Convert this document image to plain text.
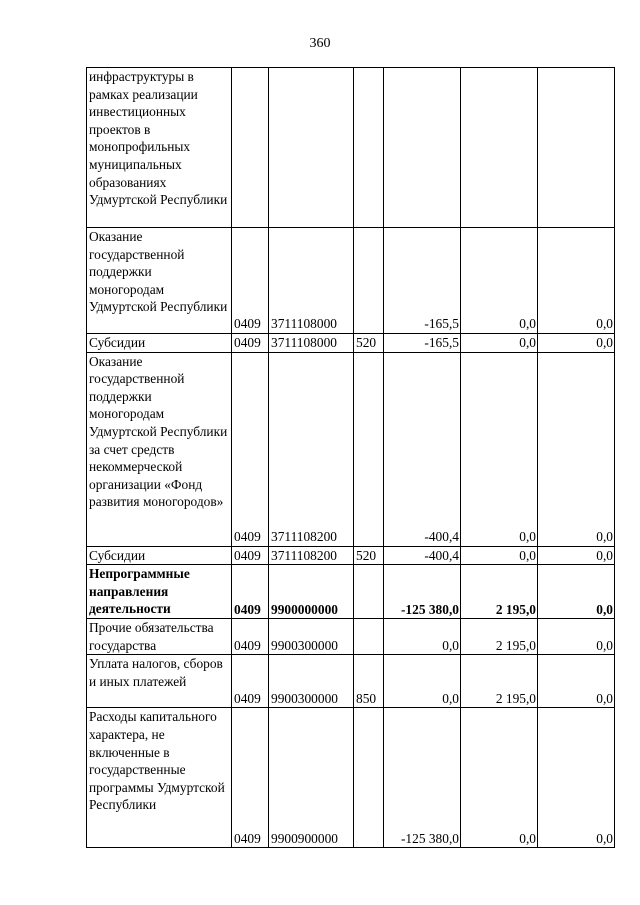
360
инфраструктуры в рамках реализации инвестиционных проектов в монопрофильных муниципальных образованиях Удмуртской Республики						
Оказание государственной поддержки моногородам Удмуртской Республики	0409	3711108000		-165,5	0,0	0,0
Субсидии	0409	3711108000	520	-165,5	0,0	0,0
Оказание государственной поддержки моногородам Удмуртской Республики за счет средств некоммерческой организации «Фонд развития моногородов»	0409	3711108200		-400,4	0,0	0,0
Субсидии	0409	3711108200	520	-400,4	0,0	0,0
Непрограммные направления деятельности	0409	9900000000		-125 380,0	2 195,0	0,0
Прочие обязательства государства	0409	9900300000		0,0	2 195,0	0,0
Уплата налогов, сборов и иных платежей	0409	9900300000	850	0,0	2 195,0	0,0
Расходы капитального характера, не включенные в государственные программы Удмуртской Республики	0409	9900900000		-125 380,0	0,0	0,0
